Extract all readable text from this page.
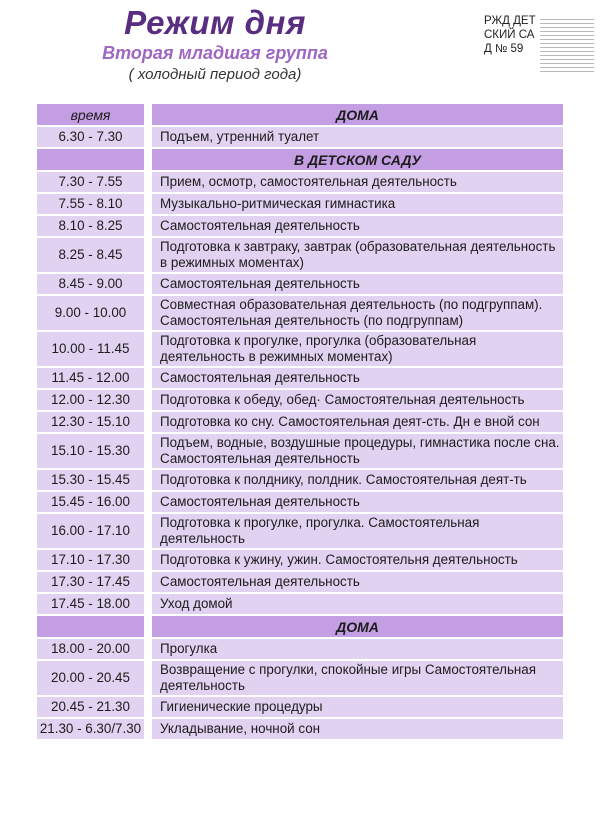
Режим дня
Вторая младшая группа
( холодный период года)
РЖД ДЕТСКИЙ САД № 59
время	ДОМА
6.30 - 7.30	Подъем, утренний туалет
	В ДЕТСКОМ САДУ
7.30 - 7.55	Прием, осмотр, самостоятельная деятельность
7.55 - 8.10	Музыкально-ритмическая гимнастика
8.10 - 8.25	Самостоятельная деятельность
8.25 - 8.45	Подготовка к завтраку, завтрак (образовательная деятельность в режимных моментах)
8.45 - 9.00	Самостоятельная деятельность
9.00 - 10.00	Совместная образовательная деятельность (по подгруппам). Самостоятельная деятельность (по подгруппам)
10.00 - 11.45	Подготовка к прогулке, прогулка (образовательная деятельность в режимных моментах)
11.45 - 12.00	Самостоятельная деятельность
12.00 - 12.30	Подготовка к обеду, обед· Самостоятельная деятельность
12.30 - 15.10	Подготовка ко сну. Самостоятельная деят-сть. Дн е вной сон
15.10 - 15.30	Подъем, водные, воздушные процедуры, гимнастика после сна. Самостоятельная деятельность
15.30 - 15.45	Подготовка к полднику, полдник. Самостоятельная деят-ть
15.45 - 16.00	Самостоятельная деятельность
16.00 - 17.10	Подготовка к прогулке, прогулка. Самостоятельная деятельность
17.10 - 17.30	Подготовка к ужину, ужин. Самостоятельня деятельность
17.30 - 17.45	Самостоятельная деятельность
17.45 - 18.00	Уход домой
	ДОМА
18.00 - 20.00	Прогулка
20.00 - 20.45	Возвращение с прогулки, спокойные игры Самостоятельная деятельность
20.45 - 21.30	Гигиенические процедуры
21.30 - 6.30/7.30	Укладывание, ночной сон
